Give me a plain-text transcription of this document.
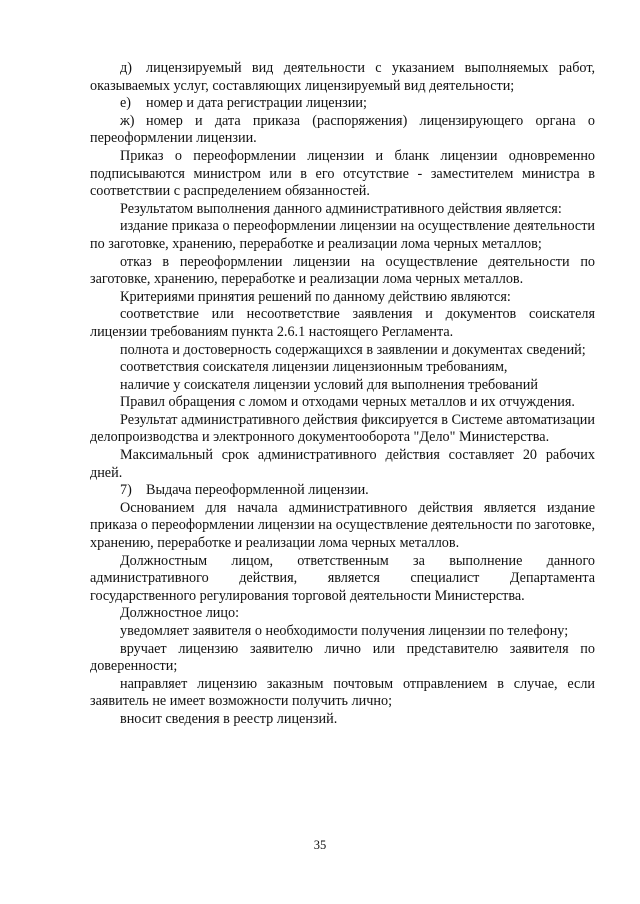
д) лицензируемый вид деятельности с указанием выполняемых работ, оказываемых услуг, составляющих лицензируемый вид деятельности;

е) номер и дата регистрации лицензии;

ж) номер и дата приказа (распоряжения) лицензирующего органа о переоформлении лицензии.

Приказ о переоформлении лицензии и бланк лицензии одновременно подписываются министром или в его отсутствие - заместителем министра в соответствии с распределением обязанностей.

Результатом выполнения данного административного действия является:

издание приказа о переоформлении лицензии на осуществление деятельности по заготовке, хранению, переработке и реализации лома черных металлов;

отказ в переоформлении лицензии на осуществление деятельности по заготовке, хранению, переработке и реализации лома черных металлов.

Критериями принятия решений по данному действию являются:

соответствие или несоответствие заявления и документов соискателя лицензии требованиям пункта 2.6.1 настоящего Регламента.

полнота и достоверность содержащихся в заявлении и документах сведений;

соответствия соискателя лицензии лицензионным требованиям,

наличие у соискателя лицензии условий для выполнения требований

Правил обращения с ломом и отходами черных металлов и их отчуждения.

Результат административного действия фиксируется в Системе автоматизации делопроизводства и электронного документооборота "Дело" Министерства.

Максимальный срок административного действия составляет 20 рабочих дней.

7) Выдача переоформленной лицензии.

Основанием для начала административного действия является издание приказа о переоформлении лицензии на осуществление деятельности по заготовке, хранению, переработке и реализации лома черных металлов.

Должностным лицом, ответственным за выполнение данного административного действия, является специалист Департамента государственного регулирования торговой деятельности Министерства.

Должностное лицо:

уведомляет заявителя о необходимости получения лицензии по телефону;

вручает лицензию заявителю лично или представителю заявителя по доверенности;

направляет лицензию заказным почтовым отправлением в случае, если заявитель не имеет возможности получить лично;

вносит сведения в реестр лицензий.

35
